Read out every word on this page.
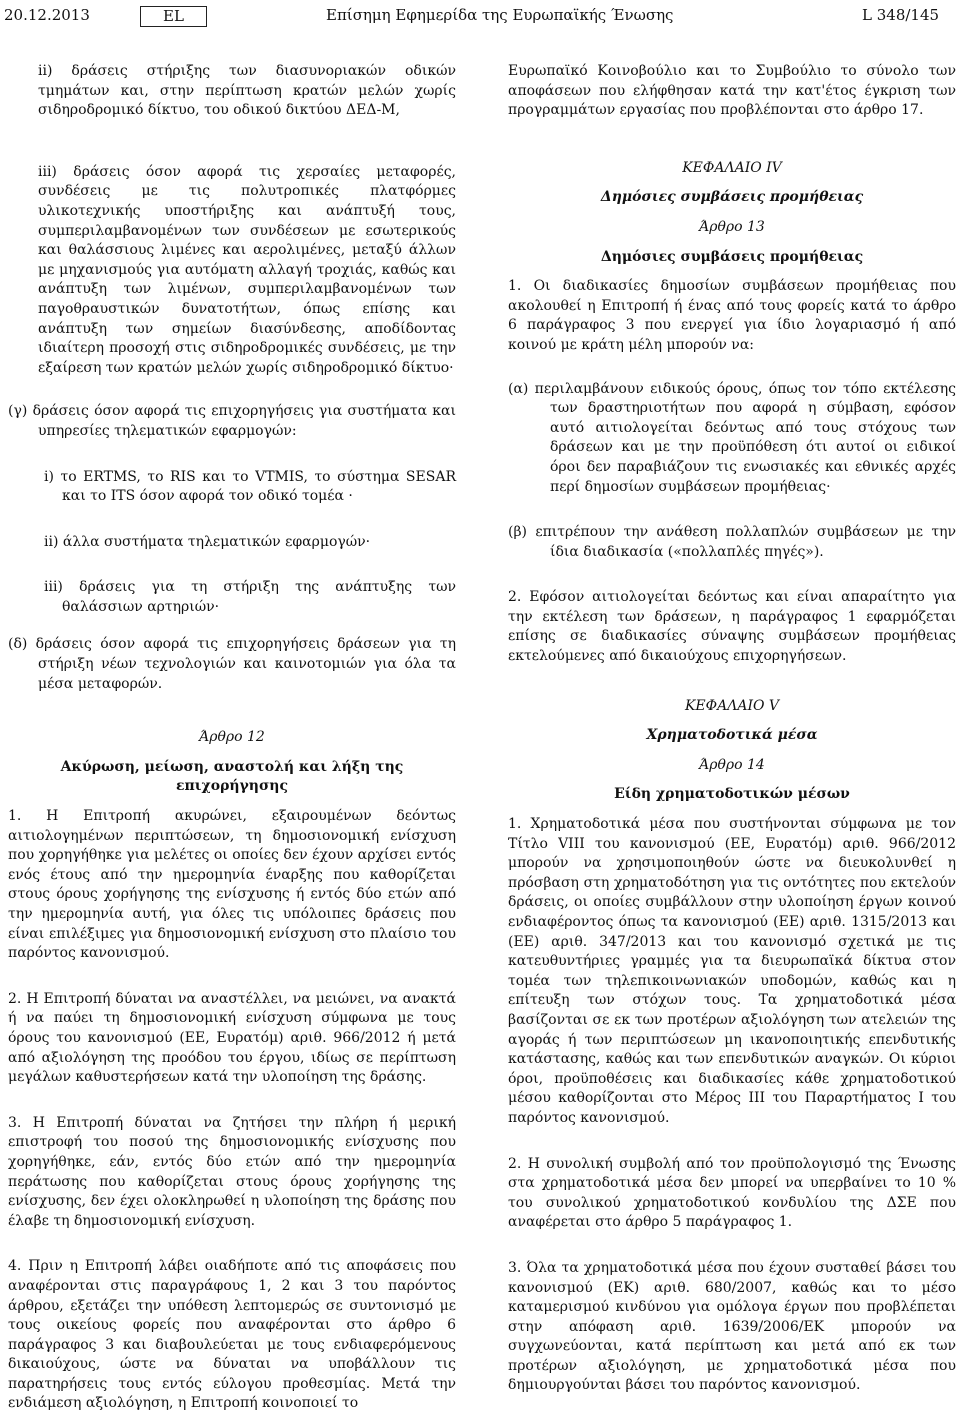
20.12.2013	EL	Επίσημη Εφημερίδα της Ευρωπαϊκής Ένωσης	L 348/145

ii) δράσεις στήριξης των διασυνοριακών οδικών τμημάτων και, στην περίπτωση κρατών μελών χωρίς σιδηροδρομικό δίκτυο, του οδικού δικτύου ΔΕΔ-Μ,

iii) δράσεις όσον αφορά τις χερσαίες μεταφορές, συνδέσεις με τις πολυτροπικές πλατφόρμες υλικοτεχνικής υποστήριξης και ανάπτυξή τους, συμπεριλαμβανομένων των συνδέσεων με εσωτερικούς και θαλάσσιους λιμένες και αερολιμένες, μεταξύ άλλων με μηχανισμούς για αυτόματη αλλαγή τροχιάς, καθώς και ανάπτυξη των λιμένων, συμπεριλαμβανομένων των παγοθραυστικών δυνατοτήτων, όπως επίσης και ανάπτυξη των σημείων διασύνδεσης, αποδίδοντας ιδιαίτερη προσοχή στις σιδηροδρομικές συνδέσεις, με την εξαίρεση των κρατών μελών χωρίς σιδηροδρομικό δίκτυο·

(γ) δράσεις όσον αφορά τις επιχορηγήσεις για συστήματα και υπηρεσίες τηλεματικών εφαρμογών:

i) το ERTMS, το RIS και το VTMIS, το σύστημα SESAR και το ITS όσον αφορά τον οδικό τομέα ·

ii) άλλα συστήματα τηλεματικών εφαρμογών·

iii) δράσεις για τη στήριξη της ανάπτυξης των θαλάσσιων αρτηριών·

(δ) δράσεις όσον αφορά τις επιχορηγήσεις δράσεων για τη στήριξη νέων τεχνολογιών και καινοτομιών για όλα τα μέσα μεταφορών.

Άρθρο 12

Ακύρωση, μείωση, αναστολή και λήξη της επιχορήγησης

1. Η Επιτροπή ακυρώνει, εξαιρουμένων δεόντως αιτιολογημένων περιπτώσεων, τη δημοσιονομική ενίσχυση που χορηγήθηκε για μελέτες οι οποίες δεν έχουν αρχίσει εντός ενός έτους από την ημερομηνία έναρξης που καθορίζεται στους όρους χορήγησης της ενίσχυσης ή εντός δύο ετών από την ημερομηνία αυτή, για όλες τις υπόλοιπες δράσεις που είναι επιλέξιμες για δημοσιονομική ενίσχυση στο πλαίσιο του παρόντος κανονισμού.

2. Η Επιτροπή δύναται να αναστέλλει, να μειώνει, να ανακτά ή να παύει τη δημοσιονομική ενίσχυση σύμφωνα με τους όρους του κανονισμού (ΕΕ, Ευρατόμ) αριθ. 966/2012 ή μετά από αξιολόγηση της προόδου του έργου, ιδίως σε περίπτωση μεγάλων καθυστερήσεων κατά την υλοποίηση της δράσης.

3. Η Επιτροπή δύναται να ζητήσει την πλήρη ή μερική επιστροφή του ποσού της δημοσιονομικής ενίσχυσης που χορηγήθηκε, εάν, εντός δύο ετών από την ημερομηνία περάτωσης που καθορίζεται στους όρους χορήγησης της ενίσχυσης, δεν έχει ολοκληρωθεί η υλοποίηση της δράσης που έλαβε τη δημοσιονομική ενίσχυση.

4. Πριν η Επιτροπή λάβει οιαδήποτε από τις αποφάσεις που αναφέρονται στις παραγράφους 1, 2 και 3 του παρόντος άρθρου, εξετάζει την υπόθεση λεπτομερώς σε συντονισμό με τους οικείους φορείς που αναφέρονται στο άρθρο 6 παράγραφος 3 και διαβουλεύεται με τους ενδιαφερόμενους δικαιούχους, ώστε να δύναται να υποβάλλουν τις παρατηρήσεις τους εντός εύλογου προθεσμίας. Μετά την ενδιάμεση αξιολόγηση, η Επιτροπή κοινοποιεί το

Ευρωπαϊκό Κοινοβούλιο και το Συμβούλιο το σύνολο των αποφάσεων που ελήφθησαν κατά την κατ'έτος έγκριση των προγραμμάτων εργασίας που προβλέπονται στο άρθρο 17.

ΚΕΦΑΛΑΙΟ IV

Δημόσιες συμβάσεις προμήθειας

Άρθρο 13

Δημόσιες συμβάσεις προμήθειας

1. Οι διαδικασίες δημοσίων συμβάσεων προμήθειας που ακολουθεί η Επιτροπή ή ένας από τους φορείς κατά το άρθρο 6 παράγραφος 3 που ενεργεί για ίδιο λογαριασμό ή από κοινού με κράτη μέλη μπορούν να:

(α) περιλαμβάνουν ειδικούς όρους, όπως τον τόπο εκτέλεσης των δραστηριοτήτων που αφορά η σύμβαση, εφόσον αυτό αιτιολογείται δεόντως από τους στόχους των δράσεων και με την προϋπόθεση ότι αυτοί οι ειδικοί όροι δεν παραβιάζουν τις ενωσιακές και εθνικές αρχές περί δημοσίων συμβάσεων προμήθειας·

(β) επιτρέπουν την ανάθεση πολλαπλών συμβάσεων με την ίδια διαδικασία («πολλαπλές πηγές»).

2. Εφόσον αιτιολογείται δεόντως και είναι απαραίτητο για την εκτέλεση των δράσεων, η παράγραφος 1 εφαρμόζεται επίσης σε διαδικασίες σύναψης συμβάσεων προμήθειας εκτελούμενες από δικαιούχους επιχορηγήσεων.

ΚΕΦΑΛΑΙΟ V

Χρηματοδοτικά μέσα

Άρθρο 14

Είδη χρηματοδοτικών μέσων

1. Χρηματοδοτικά μέσα που συστήνονται σύμφωνα με τον Τίτλο VIII του κανονισμού (ΕΕ, Ευρατόμ) αριθ. 966/2012 μπορούν να χρησιμοποιηθούν ώστε να διευκολυνθεί η πρόσβαση στη χρηματοδότηση για τις οντότητες που εκτελούν δράσεις, οι οποίες συμβάλλουν στην υλοποίηση έργων κοινού ενδιαφέροντος όπως τα κανονισμού (ΕΕ) αριθ. 1315/2013 και (ΕΕ) αριθ. 347/2013 και του κανονισμό σχετικά με τις κατευθυντήριες γραμμές για τα διευρωπαϊκά δίκτυα στον τομέα των τηλεπικοινωνιακών υποδομών, καθώς και η επίτευξη των στόχων τους. Τα χρηματοδοτικά μέσα βασίζονται σε εκ των προτέρων αξιολόγηση των ατελειών της αγοράς ή των περιπτώσεων μη ικανοποιητικής επενδυτικής κατάστασης, καθώς και των επενδυτικών αναγκών. Οι κύριοι όροι, προϋποθέσεις και διαδικασίες κάθε χρηματοδοτικού μέσου καθορίζονται στο Μέρος ΙΙΙ του Παραρτήματος Ι του παρόντος κανονισμού.

2. Η συνολική συμβολή από τον προϋπολογισμό της Ένωσης στα χρηματοδοτικά μέσα δεν μπορεί να υπερβαίνει το 10 % του συνολικού χρηματοδοτικού κονδυλίου της ΔΣΕ που αναφέρεται στο άρθρο 5 παράγραφος 1.

3. Όλα τα χρηματοδοτικά μέσα που έχουν συσταθεί βάσει του κανονισμού (ΕΚ) αριθ. 680/2007, καθώς και το μέσο καταμερισμού κινδύνου για ομόλογα έργων που προβλέπεται στην απόφαση αριθ. 1639/2006/ΕΚ μπορούν να συγχωνεύονται, κατά περίπτωση και μετά από εκ των προτέρων αξιολόγηση, με χρηματοδοτικά μέσα που δημιουργούνται βάσει του παρόντος κανονισμού.
